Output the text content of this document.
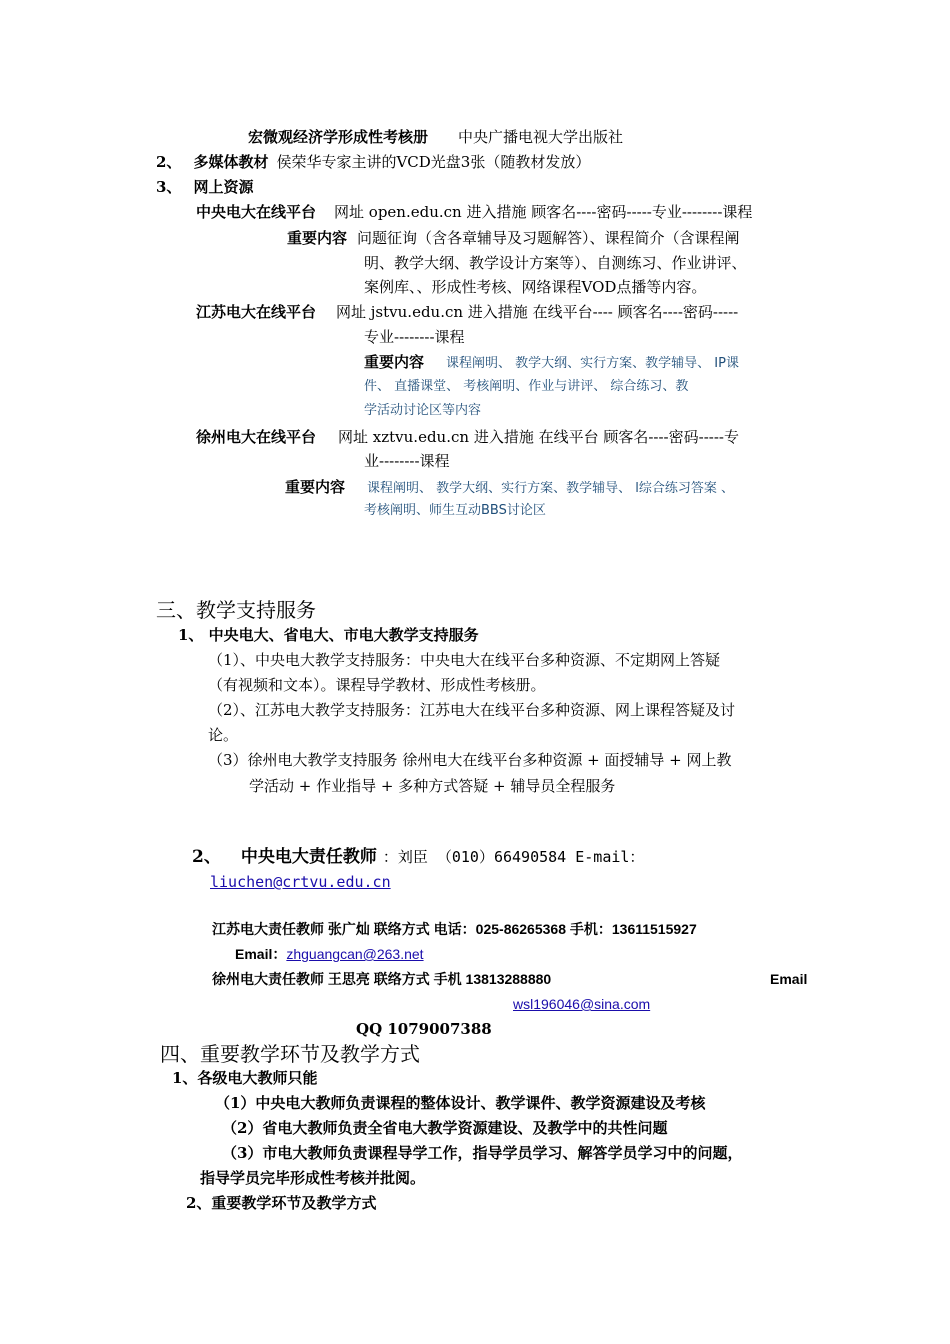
宏微观经济学形成性考核册 中央广播电视大学出版社
2、 多媒体教材 侯荣华专家主讲的VCD光盘3张（随教材发放）
3、 网上资源
中央电大在线平台 网址 open.edu.cn 进入措施 顾客名----密码-----专业--------课程
重要内容 问题征询（含各章辅导及习题解答）、课程简介（含课程阐
明、教学大纲、教学设计方案等）、自测练习、作业讲评、
案例库、、形成性考核、网络课程VOD点播等内容。
江苏电大在线平台 网址 jstvu.edu.cn 进入措施 在线平台---- 顾客名----密码-----
专业--------课程
重要内容 课程阐明、 教学大纲、实行方案、教学辅导、 IP课
件、 直播课堂、 考核阐明、作业与讲评、 综合练习、教
学活动讨论区等内容
徐州电大在线平台 网址 xztvu.edu.cn 进入措施 在线平台 顾客名----密码-----专
业--------课程
重要内容 课程阐明、 教学大纲、实行方案、教学辅导、 l综合练习答案 、
考核阐明、师生互动BBS讨论区
三、教学支持服务
1、 中央电大、省电大、市电大教学支持服务
（1）、中央电大教学支持服务：中央电大在线平台多种资源、不定期网上答疑
（有视频和文本）。课程导学教材、形成性考核册。
（2）、江苏电大教学支持服务：江苏电大在线平台多种资源、网上课程答疑及讨
论。
（3）徐州电大教学支持服务 徐州电大在线平台多种资源 + 面授辅导 + 网上教
学活动 + 作业指导 + 多种方式答疑 + 辅导员全程服务
2、 中央电大责任教师 ：刘臣 （010）66490584 E-mail：
liuchen@crtvu.edu.cn
江苏电大责任教师 张广灿 联络方式 电话：025-86265368 手机：13611515927
Email：zhguangcan@263.net
徐州电大责任教师 王思亮 联络方式 手机 13813288880	Email
wsl196046@sina.com
QQ 1079007388
四、重要教学环节及教学方式
1、各级电大教师只能
（1）中央电大教师负责课程的整体设计、教学课件、教学资源建设及考核
（2）省电大教师负责全省电大教学资源建设、及教学中的共性问题
（3）市电大教师负责课程导学工作，指导学员学习、解答学员学习中的问题，
指导学员完毕形成性考核并批阅。
2、重要教学环节及教学方式
